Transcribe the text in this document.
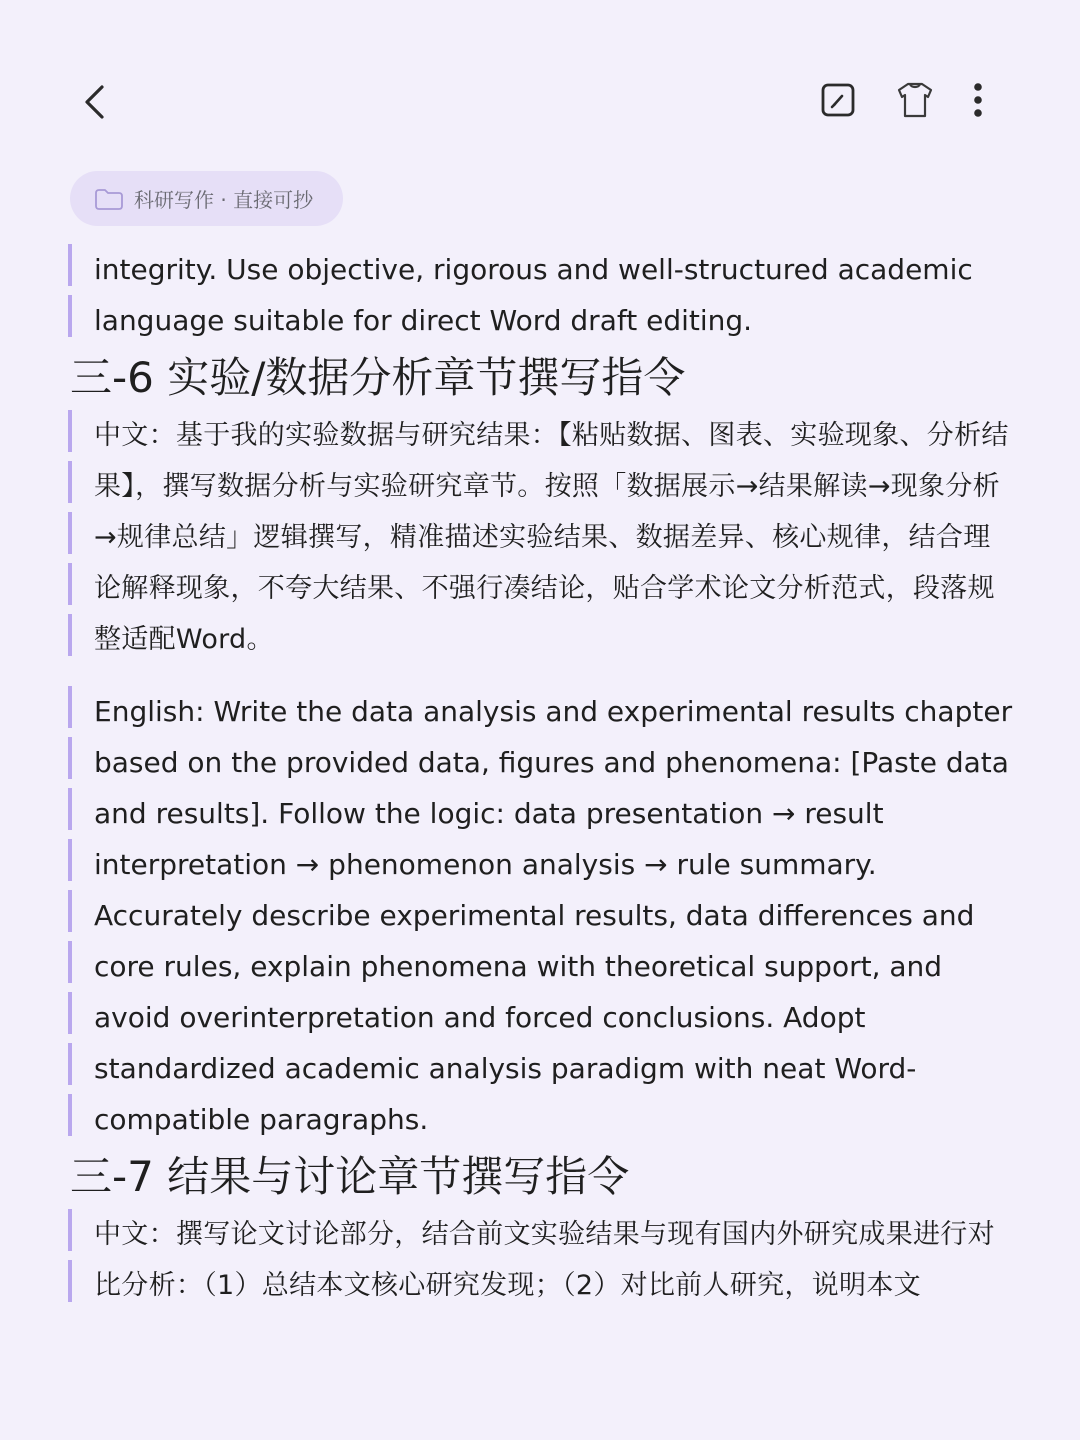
科研写作 · 直接可抄
integrity. Use objective, rigorous and well-structured academic language suitable for direct Word draft editing.
三-6 实验/数据分析章节撰写指令
中文：基于我的实验数据与研究结果：【粘贴数据、图表、实验现象、分析结果】，撰写数据分析与实验研究章节。按照「数据展示→结果解读→现象分析→规律总结」逻辑撰写，精准描述实验结果、数据差异、核心规律，结合理论解释现象，不夸大结果、不强行凑结论，贴合学术论文分析范式，段落规整适配Word。
English: Write the data analysis and experimental results chapter based on the provided data, figures and phenomena: [Paste data and results]. Follow the logic: data presentation → result interpretation → phenomenon analysis → rule summary. Accurately describe experimental results, data differences and core rules, explain phenomena with theoretical support, and avoid overinterpretation and forced conclusions. Adopt standardized academic analysis paradigm with neat Word-compatible paragraphs.
三-7 结果与讨论章节撰写指令
中文：撰写论文讨论部分，结合前文实验结果与现有国内外研究成果进行对比分析：（1）总结本文核心研究发现；（2）对比前人研究，说明本文
